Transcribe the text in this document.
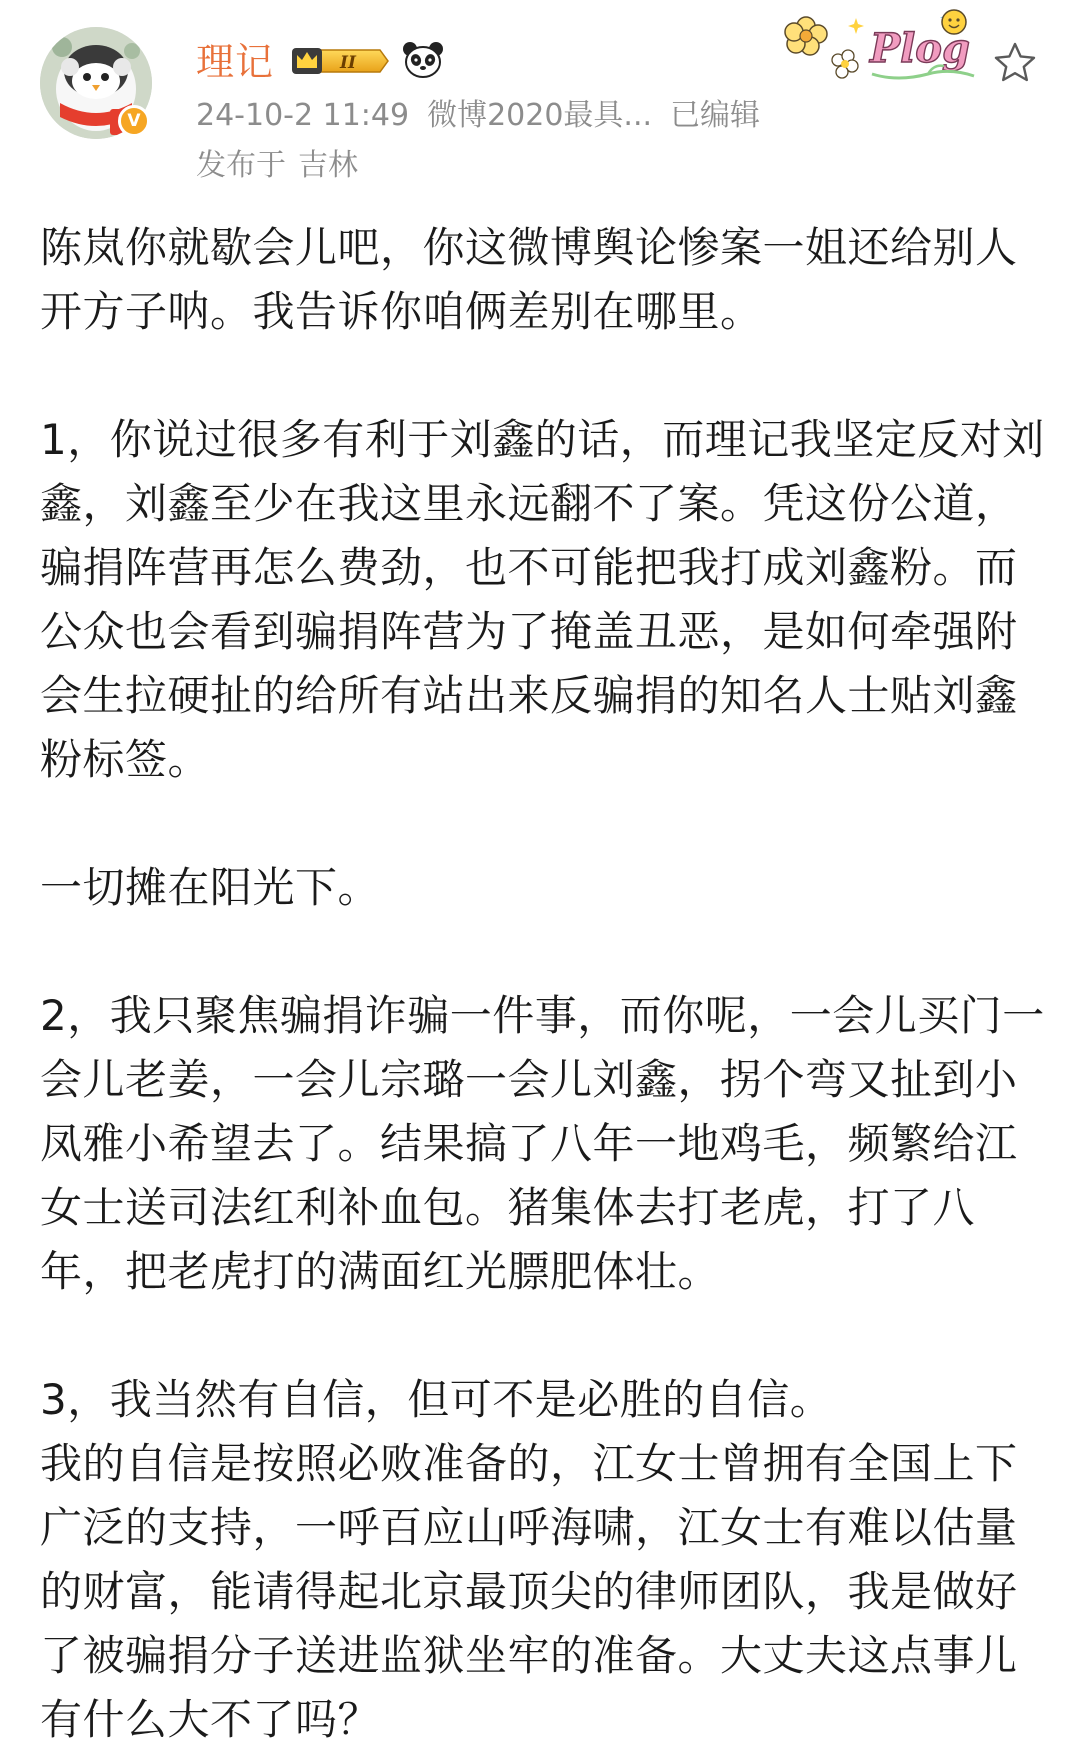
V
理记	II
24-10-2 11:49 微博2020最具... 已编辑
发布于 吉林
Plog

陈岚你就歇会儿吧，你这微博舆论惨案一姐还给别人开方子呐。我告诉你咱俩差别在哪里。

1，你说过很多有利于刘鑫的话，而理记我坚定反对刘鑫，刘鑫至少在我这里永远翻不了案。凭这份公道，骗捐阵营再怎么费劲，也不可能把我打成刘鑫粉。而公众也会看到骗捐阵营为了掩盖丑恶，是如何牵强附会生拉硬扯的给所有站出来反骗捐的知名人士贴刘鑫粉标签。

一切摊在阳光下。

2，我只聚焦骗捐诈骗一件事，而你呢，一会儿买门一会儿老姜，一会儿宗璐一会儿刘鑫，拐个弯又扯到小凤雅小希望去了。结果搞了八年一地鸡毛，频繁给江女士送司法红利补血包。猪集体去打老虎，打了八年，把老虎打的满面红光膘肥体壮。

3，我当然有自信，但可不是必胜的自信。

我的自信是按照必败准备的，江女士曾拥有全国上下广泛的支持，一呼百应山呼海啸，江女士有难以估量的财富，能请得起北京最顶尖的律师团队，我是做好了被骗捐分子送进监狱坐牢的准备。大丈夫这点事儿有什么大不了吗？
